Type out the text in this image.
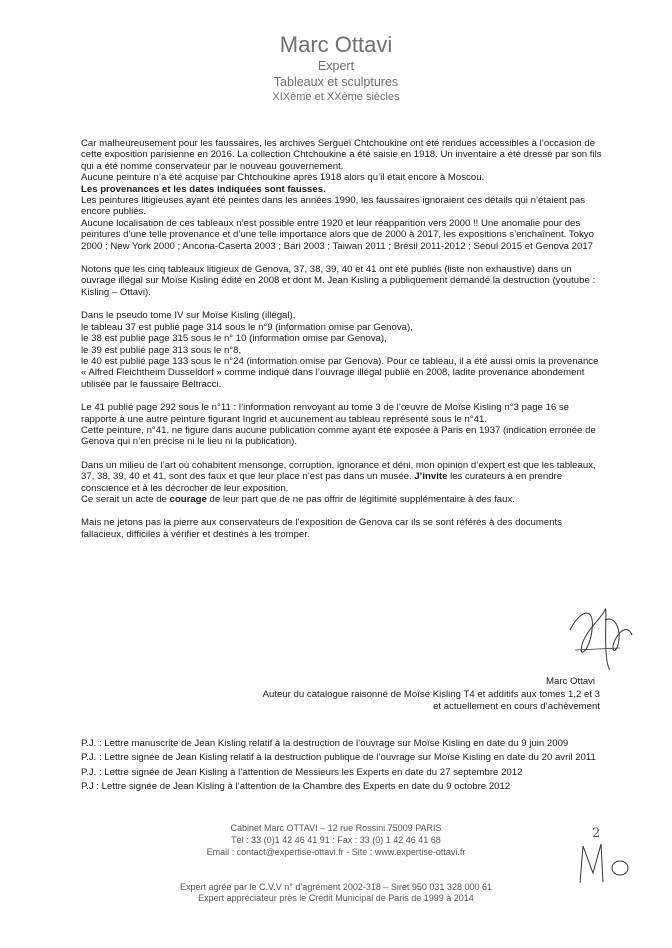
Marc Ottavi
Expert
Tableaux et sculptures
XIXème et XXème siècles

Car malheureusement pour les faussaires, les archives Sergueï Chtchoukine ont été rendues accessibles à l’occasion de cette exposition parisienne en 2016. La collection Chtchoukine a été saisie en 1918. Un inventaire a été dressé par son fils qui a été nommé conservateur par le nouveau gouvernement.

Aucune peinture n’a été acquise par Chtchoukine après 1918 alors qu’il était encore à Moscou.

Les provenances et les dates indiquées sont fausses.

Les peintures litigieuses ayant été peintes dans les années 1990, les faussaires ignoraient ces détails qui n’étaient pas encore publiés.

Aucune localisation de ces tableaux n’est possible entre 1920 et leur réapparition vers 2000 !! Une anomalie pour des peintures d’une telle provenance et d’une telle importance alors que de 2000 à 2017, les expositions s’enchaînent. Tokyo 2000 ; New York 2000 ; Ancona-Caserta 2003 ; Bari 2003 ; Taiwan 2011 ; Brésil 2011-2012 ; Séoul 2015 et Genova 2017

Notons que les cinq tableaux litigieux de Genova, 37, 38, 39, 40 et 41 ont été publiés (liste non exhaustive) dans un ouvrage illégal sur Moïse Kisling édité en 2008 et dont M. Jean Kisling a publiquement demandé la destruction (youtube : Kisling – Ottavi).

Dans le pseudo tome IV sur Moïse Kisling (illégal),

le tableau 37 est publié page 314 sous le n°9 (information omise par Genova),

le 38 est publié page 315 sous le n° 10 (information omise par Genova),

le 39 est publié page 313 sous le n°8,

le 40 est publié page 133 sous le n°24 (information omise par Genova). Pour ce tableau, il a été aussi omis la provenance « Alfred Fleichtheim Dusseldorf » comme indiqué dans l’ouvrage illégal publié en 2008, ladite provenance abondement utilisée par le faussaire Beltracci.

Le 41 publié page 292 sous le n°11 : l’information renvoyant au tome 3 de l’œuvre de Moïse Kisling n°3 page 16 se rapporte à une autre peinture figurant Ingrid et aucunement au tableau représenté sous le n°41.

Cette peinture, n°41, ne figure dans aucune publication comme ayant été exposée à Paris en 1937 (indication erronée de Genova qui n’en précise ni le lieu ni la publication).

Dans un milieu de l’art où cohabitent mensonge, corruption, ignorance et déni, mon opinion d’expert est que les tableaux, 37, 38, 39, 40 et 41, sont des faux et que leur place n’est pas dans un musée. J’invite les curateurs à en prendre conscience et à les décrocher de leur exposition.

Ce serait un acte de courage de leur part que de ne pas offrir de légitimité supplémentaire à des faux.

Mais ne jetons pas la pierre aux conservateurs de l’exposition de Genova car ils se sont référés à des documents fallacieux, difficiles à vérifier et destinés à les tromper.

Marc Ottavi
Auteur du catalogue raisonné de Moïse Kisling T4 et additifs aux tomes 1,2 et 3
et actuellement en cours d’achèvement

P.J. : Lettre manuscrite de Jean Kisling relatif à la destruction de l’ouvrage sur Moïse Kisling en date du 9 juin 2009

P.J. : Lettre signée de Jean Kisling relatif à la destruction publique de l’ouvrage sur Moïse Kisling en date du 20 avril 2011

P.J. : Lettre signée de Jean Kisling à l’attention de Messieurs les Experts en date du 27 septembre 2012

P.J : Lettre signée de Jean Kisling à l’attention de la Chambre des Experts en date du 9 octobre 2012

Cabinet Marc OTTAVI – 12 rue Rossini 75009 PARIS
Tél : 33 (0)1 42 46 41 91 : Fax : 33 (0) 1 42 46 41 68
Email : contact@expertise-ottavi.fr - Site : www.expertise-ottavi.fr
2
Expert agrée par le C.V.V n° d’agrément 2002-318 – Siret 950 031 328 000 61
Expert appréciateur près le Crédit Municipal de Paris de 1999 à 2014
